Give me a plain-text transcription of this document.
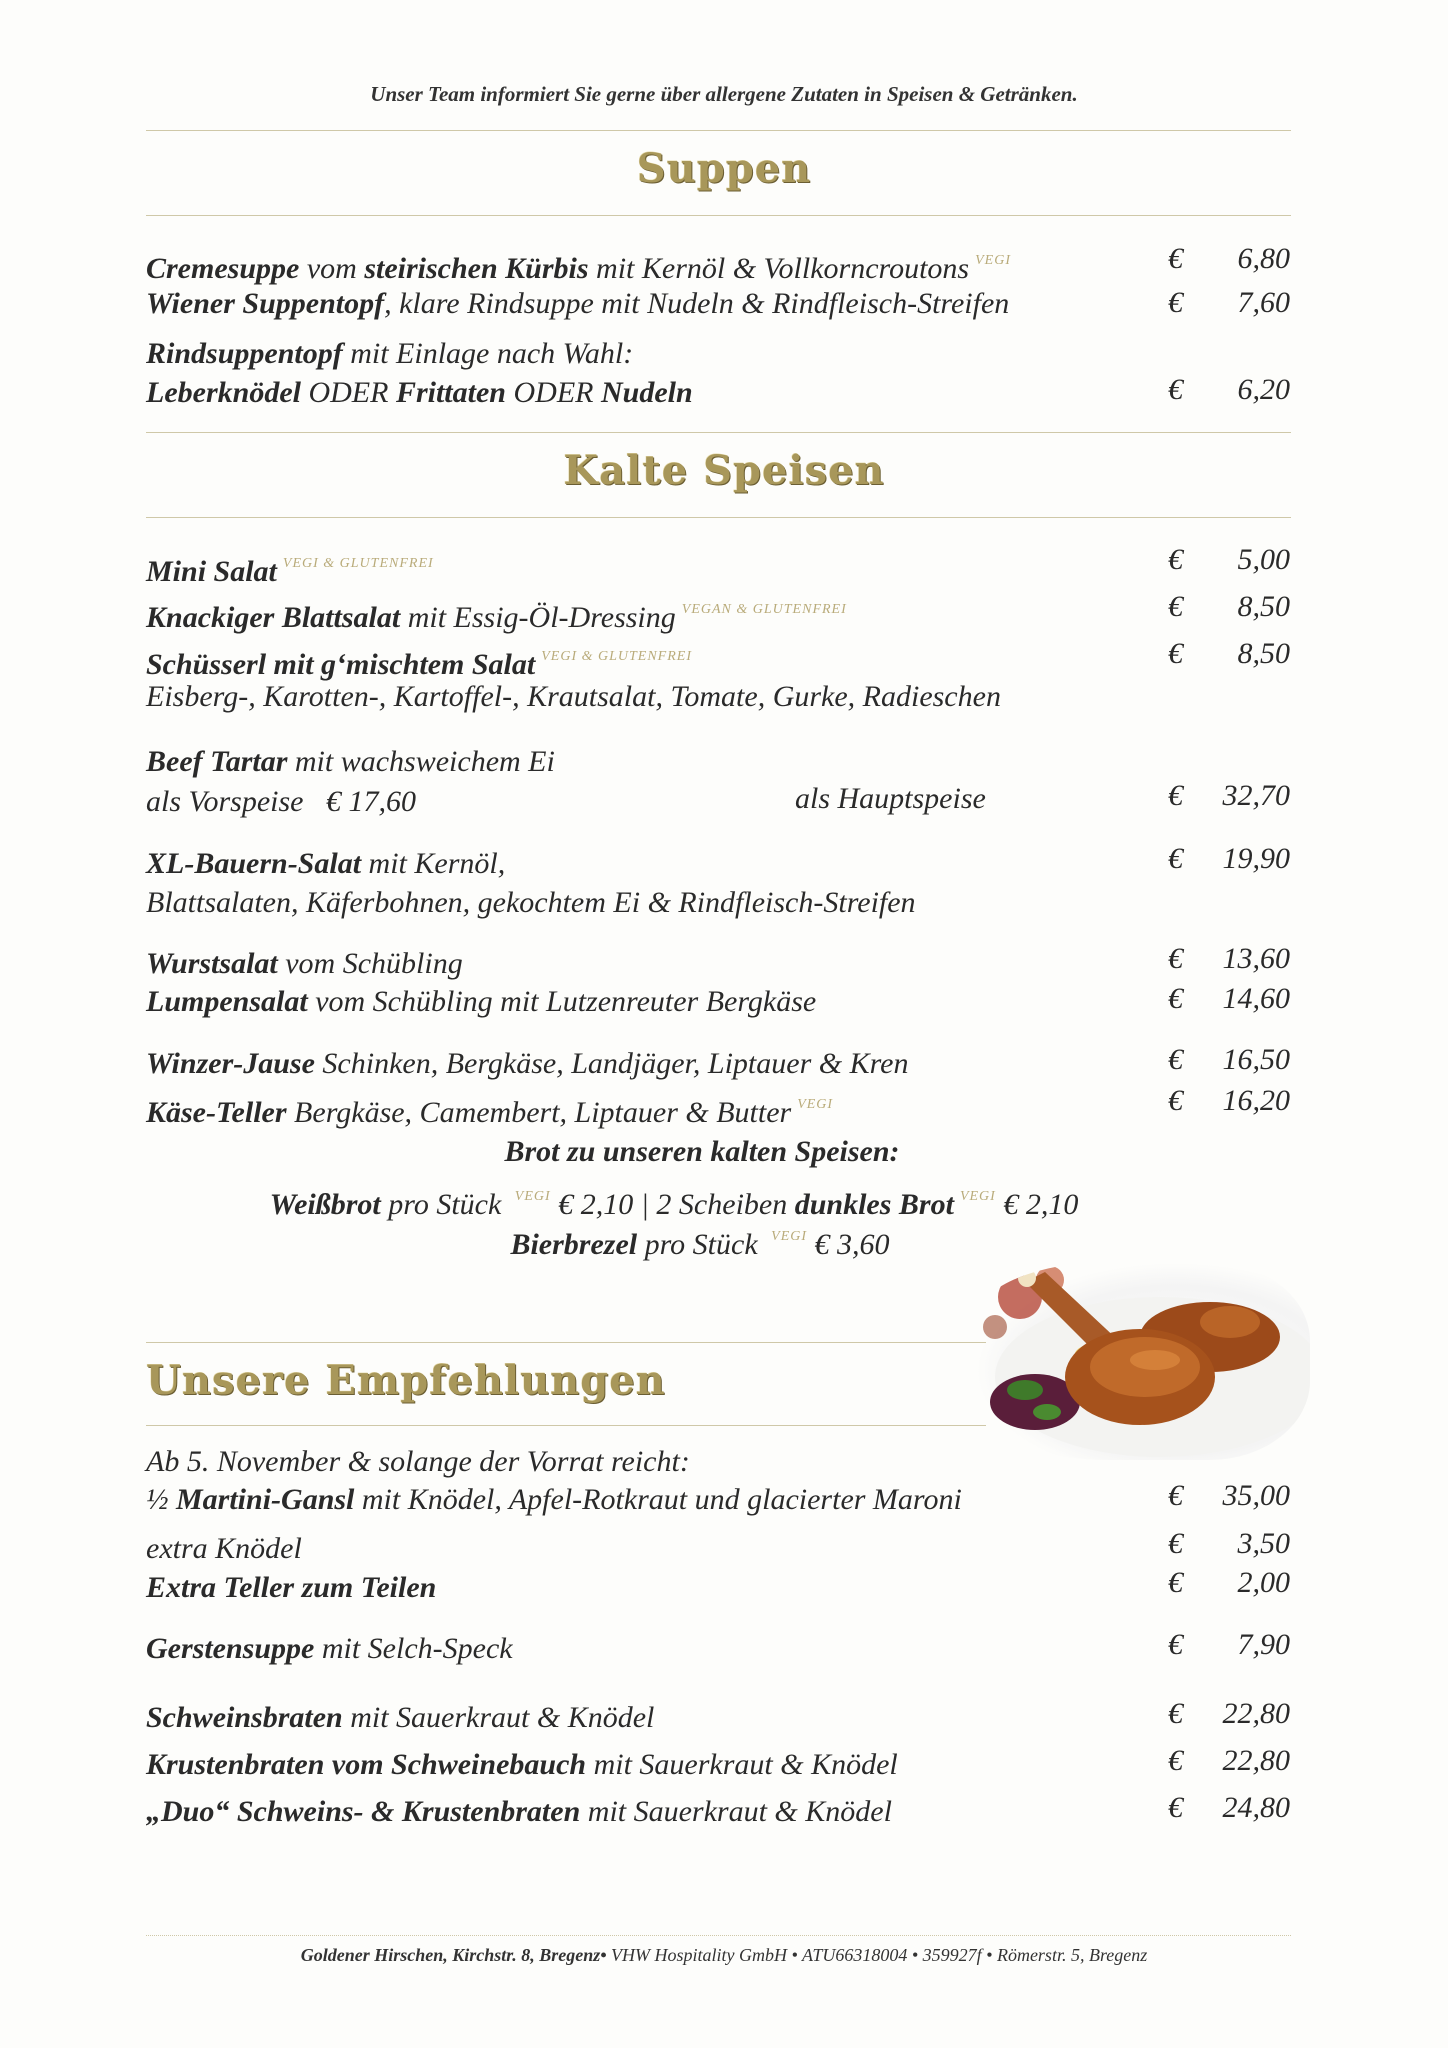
Unser Team informiert Sie gerne über allergene Zutaten in Speisen & Getränken.
Suppen
Cremesuppe vom steirischen Kürbis mit Kernöl & Vollkorncroutons $^{VEGI}$	€ 6,80
Wiener Suppentopf, klare Rindsuppe mit Nudeln & Rindfleisch-Streifen	€ 7,60
Rindsuppentopf mit Einlage nach Wahl:
Leberknödel ODER Frittaten ODER Nudeln	€ 6,20
Kalte Speisen
Mini Salat $^{VEGI \& GLUTENFREI}$	€ 5,00
Knackiger Blattsalat mit Essig-Öl-Dressing $^{VEGAN \& GLUTENFREI}$	€ 8,50
Schüsserl mit g‘mischtem Salat $^{VEGI \& GLUTENFREI}$	€ 8,50
Eisberg-, Karotten-, Kartoffel-, Krautsalat, Tomate, Gurke, Radieschen
Beef Tartar mit wachsweichem Ei
als Vorspeise € 17,60	als Hauptspeise	€ 32,70
XL-Bauern-Salat mit Kernöl,	€ 19,90
Blattsalaten, Käferbohnen, gekochtem Ei & Rindfleisch-Streifen
Wurstsalat vom Schübling	€ 13,60
Lumpensalat vom Schübling mit Lutzenreuter Bergkäse	€ 14,60
Winzer-Jause Schinken, Bergkäse, Landjäger, Liptauer & Kren	€ 16,50
Käse-Teller Bergkäse, Camembert, Liptauer & Butter $^{VEGI}$	€ 16,20
Brot zu unseren kalten Speisen:
Weißbrot pro Stück $^{VEGI}$ € 2,10 | 2 Scheiben dunkles Brot $^{VEGI}$ € 2,10
Bierbrezel pro Stück $^{VEGI}$ € 3,60
Unsere Empfehlungen
Ab 5. November & solange der Vorrat reicht:
½ Martini-Gansl mit Knödel, Apfel-Rotkraut und glacierter Maroni	€ 35,00
extra Knödel	€ 3,50
Extra Teller zum Teilen	€ 2,00
Gerstensuppe mit Selch-Speck	€ 7,90
Schweinsbraten mit Sauerkraut & Knödel	€ 22,80
Krustenbraten vom Schweinebauch mit Sauerkraut & Knödel	€ 22,80
„Duo“ Schweins- & Krustenbraten mit Sauerkraut & Knödel	€ 24,80
Goldener Hirschen, Kirchstr. 8, Bregenz• VHW Hospitality GmbH • ATU66318004 • 359927f • Römerstr. 5, Bregenz
